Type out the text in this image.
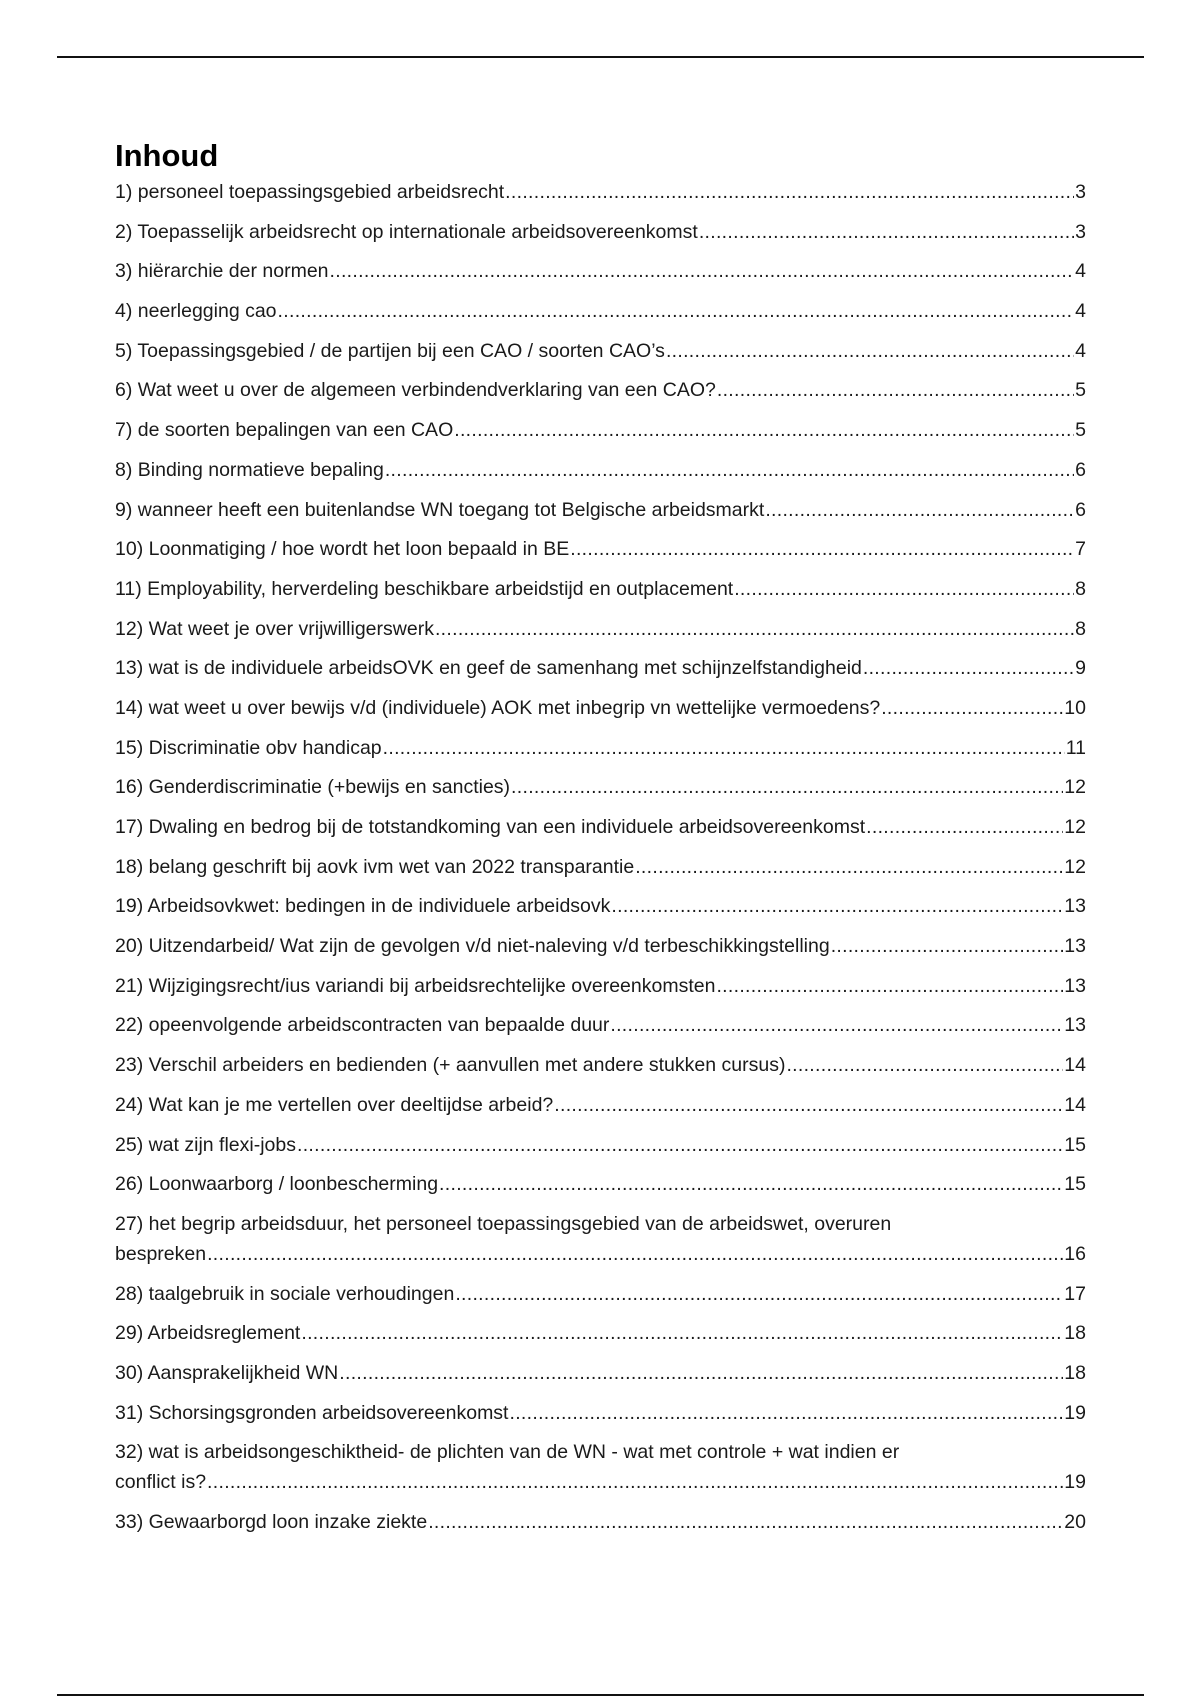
Inhoud
1) personeel toepassingsgebied arbeidsrecht .....	3
2) Toepasselijk arbeidsrecht op internationale arbeidsovereenkomst .....	3
3) hiërarchie der normen .....	4
4) neerlegging cao .....	4
5) Toepassingsgebied / de partijen bij een CAO / soorten CAO’s .....	4
6) Wat weet u over de algemeen verbindendverklaring van een CAO? .....	5
7) de soorten bepalingen van een CAO .....	5
8) Binding normatieve bepaling .....	6
9) wanneer heeft een buitenlandse WN toegang tot Belgische arbeidsmarkt .....	6
10) Loonmatiging / hoe wordt het loon bepaald in BE .....	7
11) Employability, herverdeling beschikbare arbeidstijd en outplacement .....	8
12) Wat weet je over vrijwilligerswerk .....	8
13) wat is de individuele arbeidsOVK en geef de samenhang met schijnzelfstandigheid .....	9
14) wat weet u over bewijs v/d (individuele) AOK met inbegrip vn wettelijke vermoedens? .....	10
15) Discriminatie obv handicap .....	11
16) Genderdiscriminatie (+bewijs en sancties) .....	12
17) Dwaling en bedrog bij de totstandkoming van een individuele arbeidsovereenkomst .....	12
18) belang geschrift bij aovk ivm wet van 2022 transparantie .....	12
19) Arbeidsovkwet: bedingen in de individuele arbeidsovk .....	13
20) Uitzendarbeid/ Wat zijn de gevolgen v/d niet-naleving v/d terbeschikkingstelling .....	13
21) Wijzigingsrecht/ius variandi bij arbeidsrechtelijke overeenkomsten .....	13
22) opeenvolgende arbeidscontracten van bepaalde duur .....	13
23) Verschil arbeiders en bedienden (+ aanvullen met andere stukken cursus) .....	14
24) Wat kan je me vertellen over deeltijdse arbeid? .....	14
25) wat zijn flexi-jobs .....	15
26) Loonwaarborg / loonbescherming .....	15
27) het begrip arbeidsduur, het personeel toepassingsgebied van de arbeidswet, overuren
bespreken .....	16
28) taalgebruik in sociale verhoudingen .....	17
29) Arbeidsreglement .....	18
30) Aansprakelijkheid WN .....	18
31) Schorsingsgronden arbeidsovereenkomst .....	19
32) wat is arbeidsongeschiktheid- de plichten van de WN - wat met controle + wat indien er
conflict is? .....	19
33) Gewaarborgd loon inzake ziekte .....	20
